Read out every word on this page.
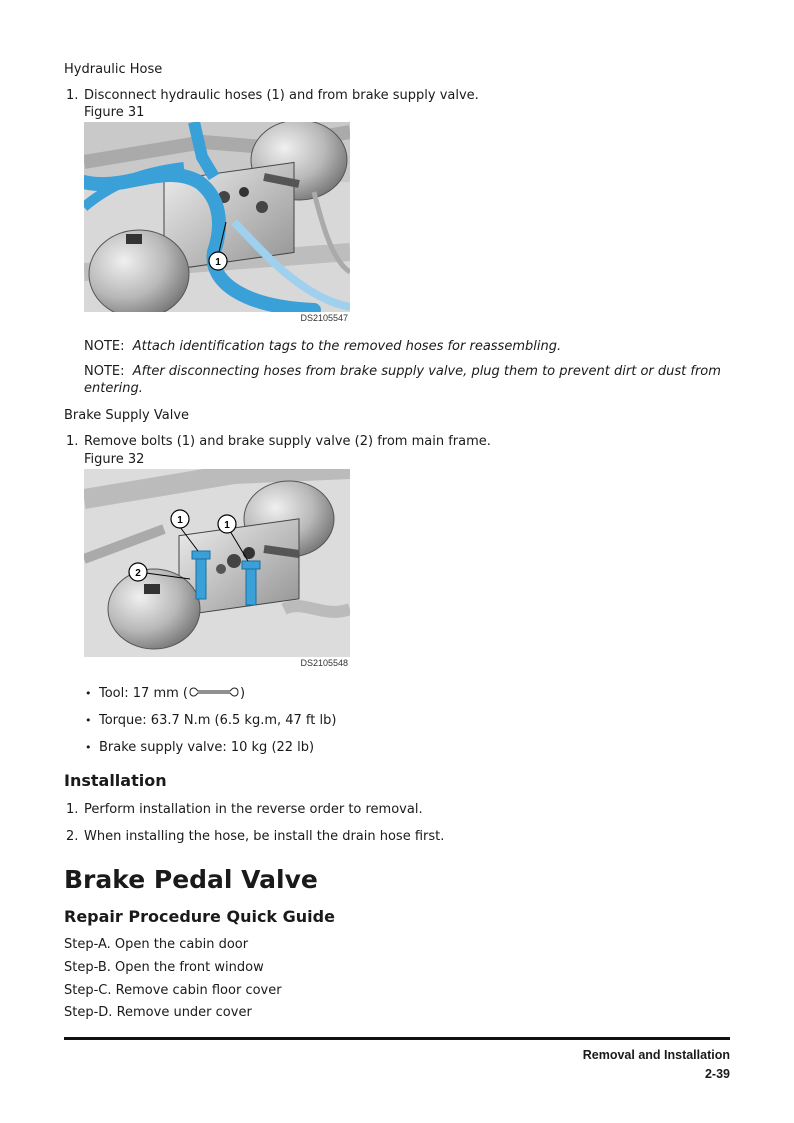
Hydraulic Hose
1. Disconnect hydraulic hoses (1) and from brake supply valve.
Figure 31
1
DS2105547
NOTE: Attach identification tags to the removed hoses for reassembling.
NOTE: After disconnecting hoses from brake supply valve, plug them to prevent dirt or dust from
entering.
Brake Supply Valve
1. Remove bolts (1) and brake supply valve (2) from main frame.
Figure 32
1	1
2
DS2105548
• Tool: 17 mm (	)
• Torque: 63.7 N.m (6.5 kg.m, 47 ft lb)
• Brake supply valve: 10 kg (22 lb)
Installation
1. Perform installation in the reverse order to removal.
2. When installing the hose, be install the drain hose first.
Brake Pedal Valve
Repair Procedure Quick Guide
Step-A. Open the cabin door
Step-B. Open the front window
Step-C. Remove cabin floor cover
Step-D. Remove under cover
Removal and Installation
2-39
